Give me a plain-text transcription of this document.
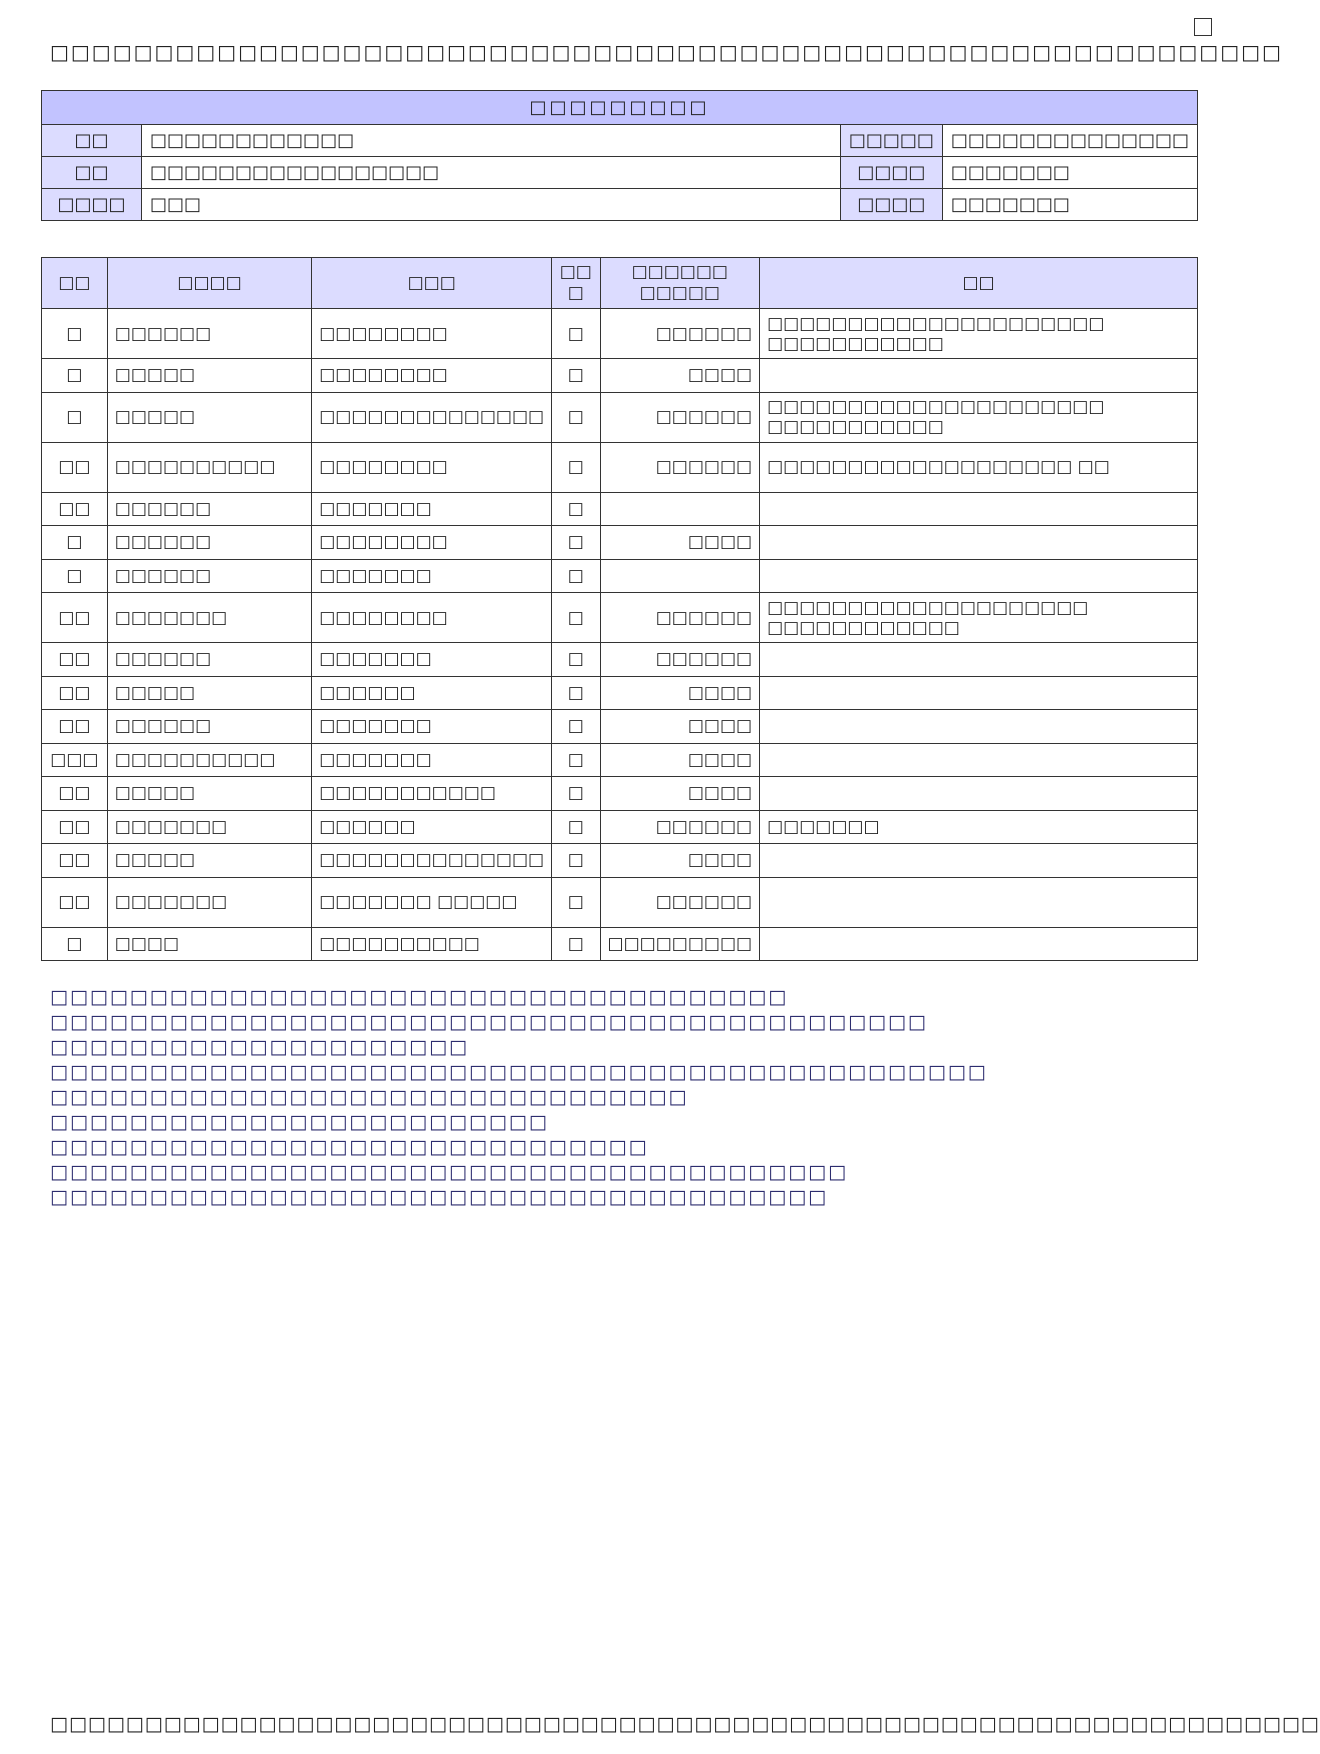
□□□□□□□□□□□□□□□□□□□□□□□□□□□□□□□□□□□□□□□□□□□□□□□□□□□□□□□□□□□
□□□□□□□□□			
□□	□□□□□□□□□□□□	□□□□□	□□□□□□□□□□□□□□
□□	□□□□□□□□□□□□□□□□□	□□□□	□□□□□□□
□□□□	□□□	□□□□	□□□□□□□
□□	□□□□	□□□	□□ □	□□□□□□ □□□□□	□□
□	□□□□□□	□□□□□□□□	□	□□□□□□	□□□□□□□□□□□□□□□□□□□□□ □□□□□□□□□□□
□	□□□□□	□□□□□□□□	□	□□□□	
□	□□□□□	□□□□□□□□□□□□□□	□	□□□□□□	□□□□□□□□□□□□□□□□□□□□□ □□□□□□□□□□□
□□	□□□□□□□□□□	□□□□□□□□	□	□□□□□□	□□□□□□□□□□□□□□□□□□□ □□
□□	□□□□□□	□□□□□□□	□		
□	□□□□□□	□□□□□□□□	□	□□□□	
□	□□□□□□	□□□□□□□	□		
□□	□□□□□□□	□□□□□□□□	□	□□□□□□	□□□□□□□□□□□□□□□□□□□□ □□□□□□□□□□□□
□□	□□□□□□	□□□□□□□	□	□□□□□□	
□□	□□□□□	□□□□□□	□	□□□□	
□□	□□□□□□	□□□□□□□	□	□□□□	
□□□	□□□□□□□□□□	□□□□□□□	□	□□□□	
□□	□□□□□	□□□□□□□□□□□	□	□□□□	
□□	□□□□□□□	□□□□□□	□	□□□□□□	□□□□□□□
□□	□□□□□	□□□□□□□□□□□□□□	□	□□□□	
□□	□□□□□□□	□□□□□□□ □□□□□	□	□□□□□□	
□	□□□□	□□□□□□□□□□	□	□□□□□□□□□	
□□□□□□□□□□□□□□□□□□□□□□□□□□□□□□□□□□□□□
□□□□□□□□□□□□□□□□□□□□□□□□□□□□□□□□□□□□□□□□□□□□
□□□□□□□□□□□□□□□□□□□□□
□□□□□□□□□□□□□□□□□□□□□□□□□□□□□□□□□□□□□□□□□□□□□□□
□□□□□□□□□□□□□□□□□□□□□□□□□□□□□□□□
□□□□□□□□□□□□□□□□□□□□□□□□□
□□□□□□□□□□□□□□□□□□□□□□□□□□□□□□
□□□□□□□□□□□□□□□□□□□□□□□□□□□□□□□□□□□□□□□□
□□□□□□□□□□□□□□□□□□□□□□□□□□□□□□□□□□□□□□□
□□□□□□□□□□□□□□□□□□□□□□□□□□□□□□□□□□□□□□□□□□□□□□□□□□□□□□□□□□□□□□□□□□□
